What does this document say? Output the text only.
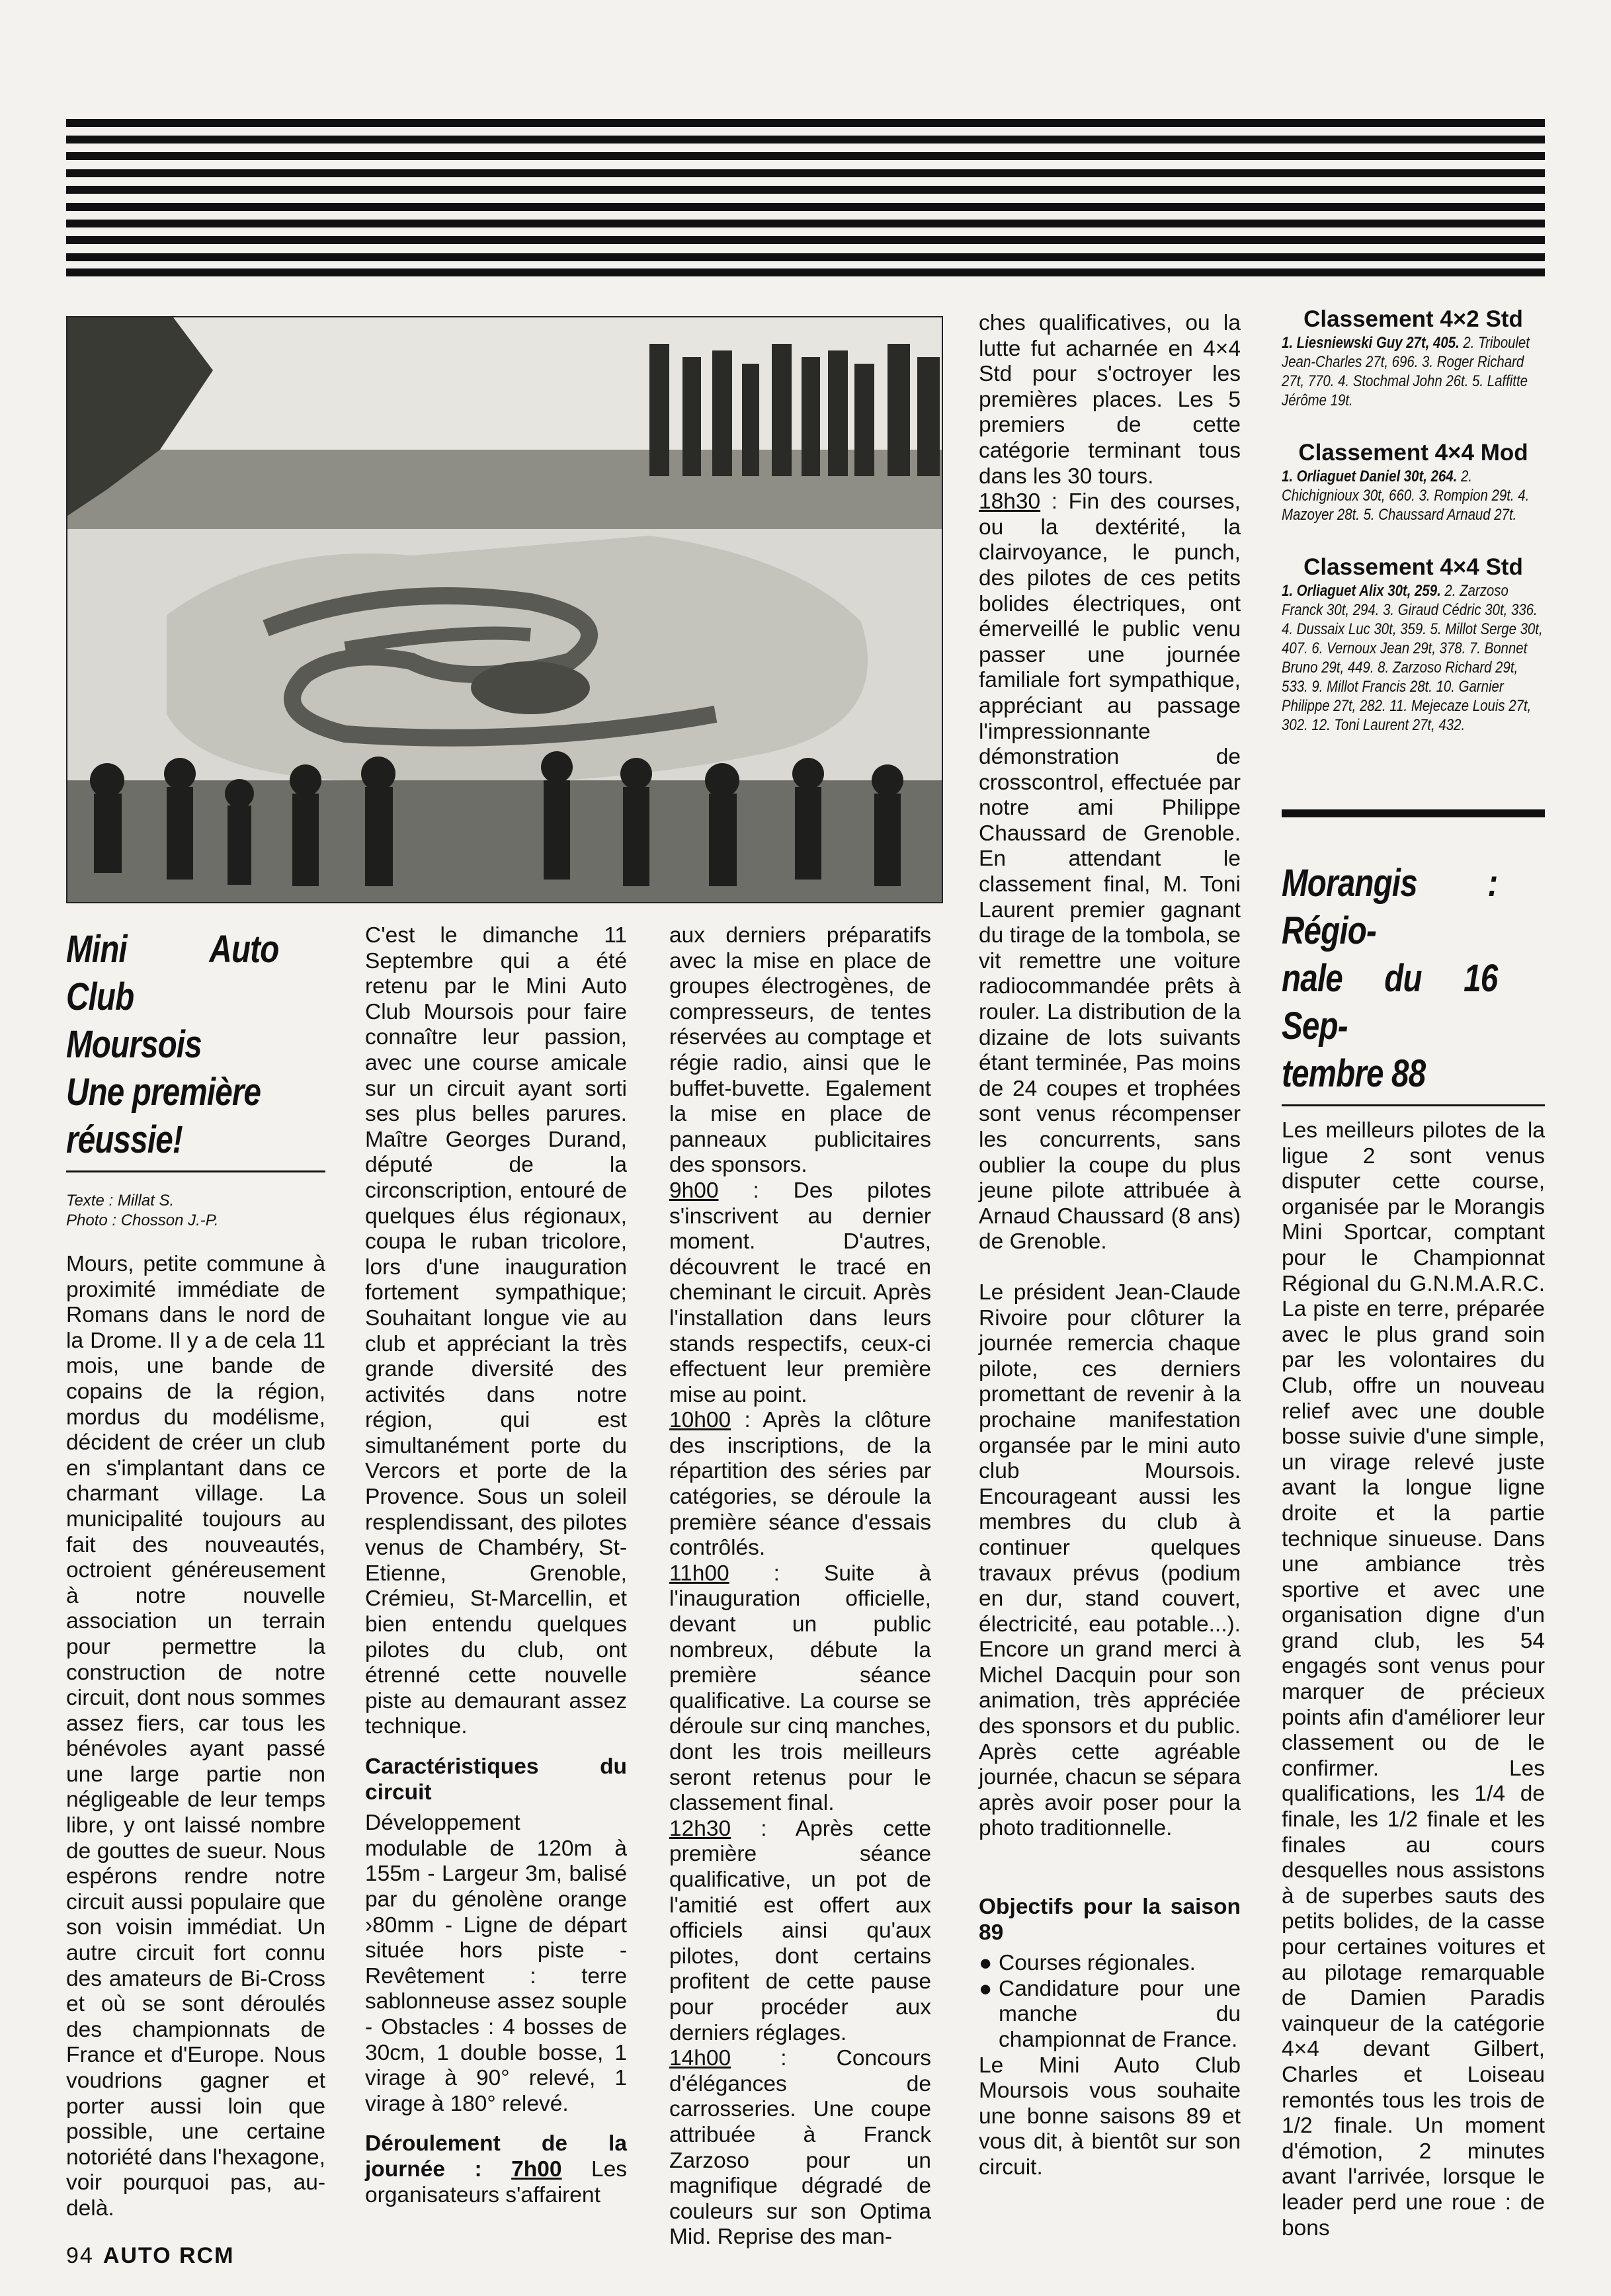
Mini Auto Club
Moursois
Une première
réussie!
Texte : Millat S.
Photo : Chosson J.-P.

Mours, petite commune à proximité immédiate de Romans dans le nord de la Drome. Il y a de cela 11 mois, une bande de copains de la région, mordus du modélisme, décident de créer un club en s'implantant dans ce charmant village. La municipalité toujours au fait des nouveautés, octroient généreusement à notre nouvelle association un terrain pour permettre la construction de notre circuit, dont nous sommes assez fiers, car tous les bénévoles ayant passé une large partie non négligeable de leur temps libre, y ont laissé nombre de gouttes de sueur. Nous espérons rendre notre circuit aussi populaire que son voisin immédiat. Un autre circuit fort connu des amateurs de Bi-Cross et où se sont déroulés des championnats de France et d'Europe. Nous voudrions gagner et porter aussi loin que possible, une certaine notoriété dans l'hexagone, voir pourquoi pas, au-delà.

C'est le dimanche 11 Septembre qui a été retenu par le Mini Auto Club Moursois pour faire connaître leur passion, avec une course amicale sur un circuit ayant sorti ses plus belles parures. Maître Georges Durand, député de la circonscription, entouré de quelques élus régionaux, coupa le ruban tricolore, lors d'une inauguration fortement sympathique; Souhaitant longue vie au club et appréciant la très grande diversité des activités dans notre région, qui est simultanément porte du Vercors et porte de la Provence. Sous un soleil resplendissant, des pilotes venus de Chambéry, St-Etienne, Grenoble, Crémieu, St-Marcellin, et bien entendu quelques pilotes du club, ont étrenné cette nouvelle piste au demaurant assez technique.

Caractéristiques du circuit

Développement modulable de 120m à 155m - Largeur 3m, balisé par du génolène orange ›80mm - Ligne de départ située hors piste - Revêtement : terre sablonneuse assez souple - Obstacles : 4 bosses de 30cm, 1 double bosse, 1 virage à 90° relevé, 1 virage à 180° relevé.

Déroulement de la journée : 7h00 Les organisateurs s'affairent

aux derniers préparatifs avec la mise en place de groupes électrogènes, de compresseurs, de tentes réservées au comptage et régie radio, ainsi que le buffet-buvette. Egalement la mise en place de panneaux publicitaires des sponsors.

9h00 : Des pilotes s'inscrivent au dernier moment. D'autres, découvrent le tracé en cheminant le circuit. Après l'installation dans leurs stands respectifs, ceux-ci effectuent leur première mise au point.

10h00 : Après la clôture des inscriptions, de la répartition des séries par catégories, se déroule la première séance d'essais contrôlés.

11h00 : Suite à l'inauguration officielle, devant un public nombreux, débute la première séance qualificative. La course se déroule sur cinq manches, dont les trois meilleurs seront retenus pour le classement final.

12h30 : Après cette première séance qualificative, un pot de l'amitié est offert aux officiels ainsi qu'aux pilotes, dont certains profitent de cette pause pour procéder aux derniers réglages.

14h00 : Concours d'élégances de carrosseries. Une coupe attribuée à Franck Zarzoso pour un magnifique dégradé de couleurs sur son Optima Mid. Reprise des man-

ches qualificatives, ou la lutte fut acharnée en 4×4 Std pour s'octroyer les premières places. Les 5 premiers de cette catégorie terminant tous dans les 30 tours.

18h30 : Fin des courses, ou la dextérité, la clairvoyance, le punch, des pilotes de ces petits bolides électriques, ont émerveillé le public venu passer une journée familiale fort sympathique, appréciant au passage l'impressionnante démonstration de crosscontrol, effectuée par notre ami Philippe Chaussard de Grenoble. En attendant le classement final, M. Toni Laurent premier gagnant du tirage de la tombola, se vit remettre une voiture radiocommandée prêts à rouler. La distribution de la dizaine de lots suivants étant terminée, Pas moins de 24 coupes et trophées sont venus récompenser les concurrents, sans oublier la coupe du plus jeune pilote attribuée à Arnaud Chaussard (8 ans) de Grenoble.

Le président Jean-Claude Rivoire pour clôturer la journée remercia chaque pilote, ces derniers promettant de revenir à la prochaine manifestation organsée par le mini auto club Moursois. Encourageant aussi les membres du club à continuer quelques travaux prévus (podium en dur, stand couvert, électricité, eau potable...). Encore un grand merci à Michel Dacquin pour son animation, très appréciée des sponsors et du public. Après cette agréable journée, chacun se sépara après avoir poser pour la photo traditionnelle.

Objectifs pour la saison 89
● Courses régionales.
● Candidature pour une manche du championnat de France.

Le Mini Auto Club Moursois vous souhaite une bonne saisons 89 et vous dit, à bientôt sur son circuit.

Classement 4×2 Std
1. Liesniewski Guy 27t, 405. 2. Triboulet Jean-Charles 27t, 696. 3. Roger Richard 27t, 770. 4. Stochmal John 26t. 5. Laffitte Jérôme 19t.
Classement 4×4 Mod
1. Orliaguet Daniel 30t, 264. 2. Chichignioux 30t, 660. 3. Rompion 29t. 4. Mazoyer 28t. 5. Chaussard Arnaud 27t.
Classement 4×4 Std
1. Orliaguet Alix 30t, 259. 2. Zarzoso Franck 30t, 294. 3. Giraud Cédric 30t, 336. 4. Dussaix Luc 30t, 359. 5. Millot Serge 30t, 407. 6. Vernoux Jean 29t, 378. 7. Bonnet Bruno 29t, 449. 8. Zarzoso Richard 29t, 533. 9. Millot Francis 28t. 10. Garnier Philippe 27t, 282. 11. Mejecaze Louis 27t, 302. 12. Toni Laurent 27t, 432.
Morangis : Régio-
nale du 16 Sep-
tembre 88

Les meilleurs pilotes de la ligue 2 sont venus disputer cette course, organisée par le Morangis Mini Sportcar, comptant pour le Championnat Régional du G.N.M.A.R.C. La piste en terre, préparée avec le plus grand soin par les volontaires du Club, offre un nouveau relief avec une double bosse suivie d'une simple, un virage relevé juste avant la longue ligne droite et la partie technique sinueuse. Dans une ambiance très sportive et avec une organisation digne d'un grand club, les 54 engagés sont venus pour marquer de précieux points afin d'améliorer leur classement ou de le confirmer. Les qualifications, les 1/4 de finale, les 1/2 finale et les finales au cours desquelles nous assistons à de superbes sauts des petits bolides, de la casse pour certaines voitures et au pilotage remarquable de Damien Paradis vainqueur de la catégorie 4×4 devant Gilbert, Charles et Loiseau remontés tous les trois de 1/2 finale. Un moment d'émotion, 2 minutes avant l'arrivée, lorsque le leader perd une roue : de bons

94 AUTO RCM
